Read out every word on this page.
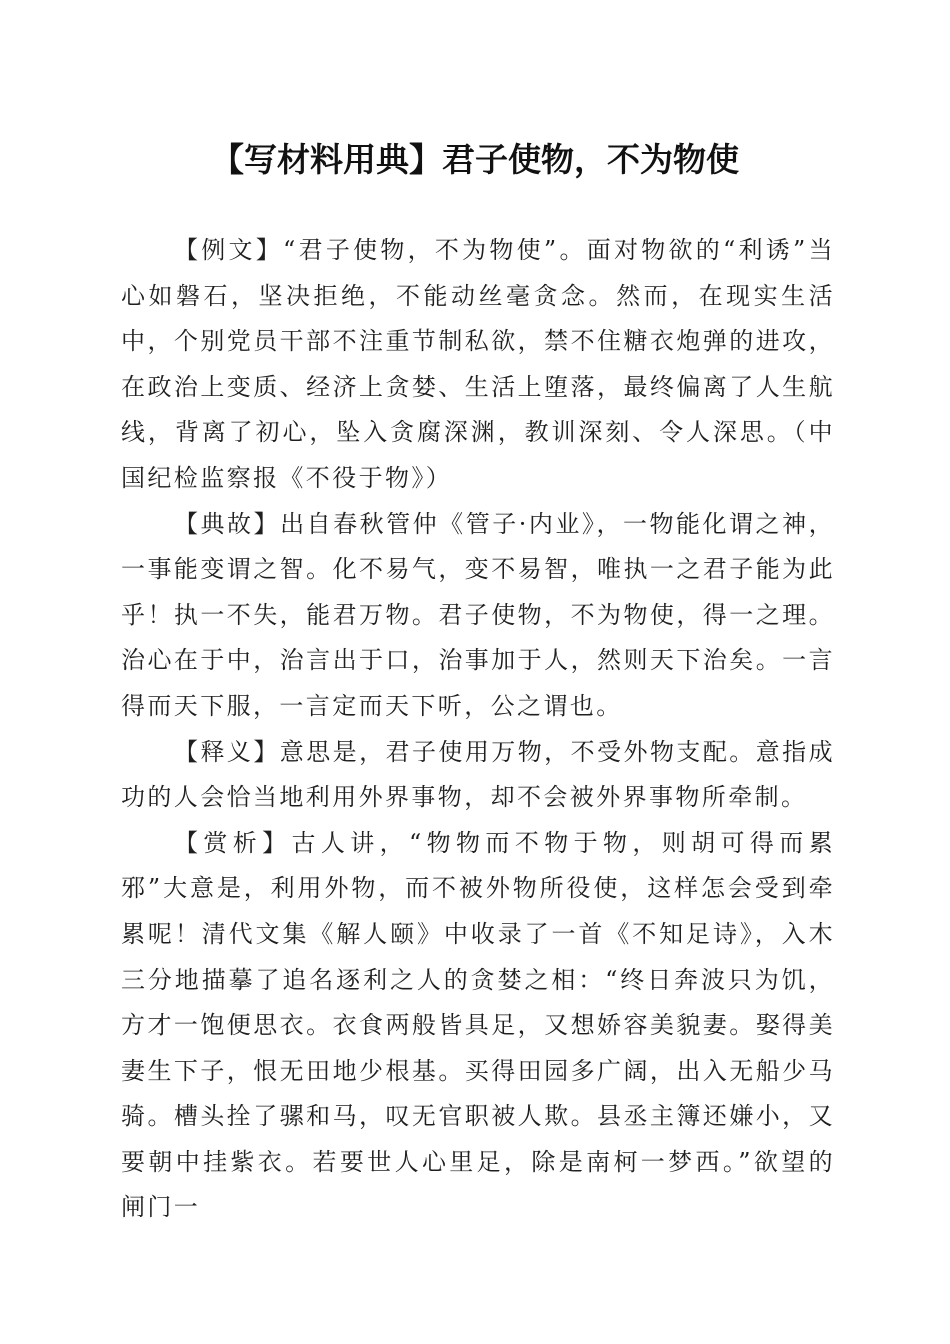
【写材料用典】君子使物，不为物使

【例文】“君子使物，不为物使”。面对物欲的“利诱”当心如磐石，坚决拒绝，不能动丝毫贪念。然而，在现实生活中，个别党员干部不注重节制私欲，禁不住糖衣炮弹的进攻，在政治上变质、经济上贪婪、生活上堕落，最终偏离了人生航线，背离了初心，坠入贪腐深渊，教训深刻、令人深思。（中国纪检监察报《不役于物》）

【典故】出自春秋管仲《管子·内业》，一物能化谓之神，一事能变谓之智。化不易气，变不易智，唯执一之君子能为此乎！执一不失，能君万物。君子使物，不为物使，得一之理。治心在于中，治言出于口，治事加于人，然则天下治矣。一言得而天下服，一言定而天下听，公之谓也。

【释义】意思是，君子使用万物，不受外物支配。意指成功的人会恰当地利用外界事物，却不会被外界事物所牵制。

【赏析】古人讲，“物物而不物于物，则胡可得而累邪”大意是，利用外物，而不被外物所役使，这样怎会受到牵累呢！清代文集《解人颐》中收录了一首《不知足诗》，入木三分地描摹了追名逐利之人的贪婪之相：“终日奔波只为饥，方才一饱便思衣。衣食两般皆具足，又想娇容美貌妻。娶得美妻生下子，恨无田地少根基。买得田园多广阔，出入无船少马骑。槽头拴了骡和马，叹无官职被人欺。县丞主簿还嫌小，又要朝中挂紫衣。若要世人心里足，除是南柯一梦西。”欲望的闸门一
